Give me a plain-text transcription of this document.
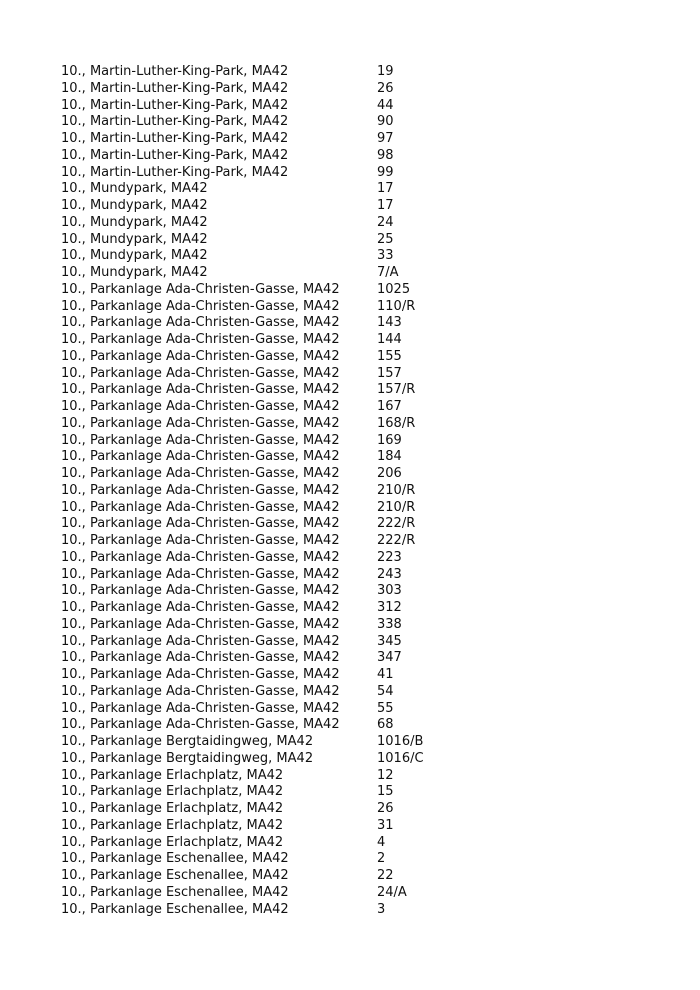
10., Martin-Luther-King-Park, MA42	19
10., Martin-Luther-King-Park, MA42	26
10., Martin-Luther-King-Park, MA42	44
10., Martin-Luther-King-Park, MA42	90
10., Martin-Luther-King-Park, MA42	97
10., Martin-Luther-King-Park, MA42	98
10., Martin-Luther-King-Park, MA42	99
10., Mundypark, MA42	17
10., Mundypark, MA42	17
10., Mundypark, MA42	24
10., Mundypark, MA42	25
10., Mundypark, MA42	33
10., Mundypark, MA42	7/A
10., Parkanlage Ada-Christen-Gasse, MA42	1025
10., Parkanlage Ada-Christen-Gasse, MA42	110/R
10., Parkanlage Ada-Christen-Gasse, MA42	143
10., Parkanlage Ada-Christen-Gasse, MA42	144
10., Parkanlage Ada-Christen-Gasse, MA42	155
10., Parkanlage Ada-Christen-Gasse, MA42	157
10., Parkanlage Ada-Christen-Gasse, MA42	157/R
10., Parkanlage Ada-Christen-Gasse, MA42	167
10., Parkanlage Ada-Christen-Gasse, MA42	168/R
10., Parkanlage Ada-Christen-Gasse, MA42	169
10., Parkanlage Ada-Christen-Gasse, MA42	184
10., Parkanlage Ada-Christen-Gasse, MA42	206
10., Parkanlage Ada-Christen-Gasse, MA42	210/R
10., Parkanlage Ada-Christen-Gasse, MA42	210/R
10., Parkanlage Ada-Christen-Gasse, MA42	222/R
10., Parkanlage Ada-Christen-Gasse, MA42	222/R
10., Parkanlage Ada-Christen-Gasse, MA42	223
10., Parkanlage Ada-Christen-Gasse, MA42	243
10., Parkanlage Ada-Christen-Gasse, MA42	303
10., Parkanlage Ada-Christen-Gasse, MA42	312
10., Parkanlage Ada-Christen-Gasse, MA42	338
10., Parkanlage Ada-Christen-Gasse, MA42	345
10., Parkanlage Ada-Christen-Gasse, MA42	347
10., Parkanlage Ada-Christen-Gasse, MA42	41
10., Parkanlage Ada-Christen-Gasse, MA42	54
10., Parkanlage Ada-Christen-Gasse, MA42	55
10., Parkanlage Ada-Christen-Gasse, MA42	68
10., Parkanlage Bergtaidingweg, MA42	1016/B
10., Parkanlage Bergtaidingweg, MA42	1016/C
10., Parkanlage Erlachplatz, MA42	12
10., Parkanlage Erlachplatz, MA42	15
10., Parkanlage Erlachplatz, MA42	26
10., Parkanlage Erlachplatz, MA42	31
10., Parkanlage Erlachplatz, MA42	4
10., Parkanlage Eschenallee, MA42	2
10., Parkanlage Eschenallee, MA42	22
10., Parkanlage Eschenallee, MA42	24/A
10., Parkanlage Eschenallee, MA42	3
